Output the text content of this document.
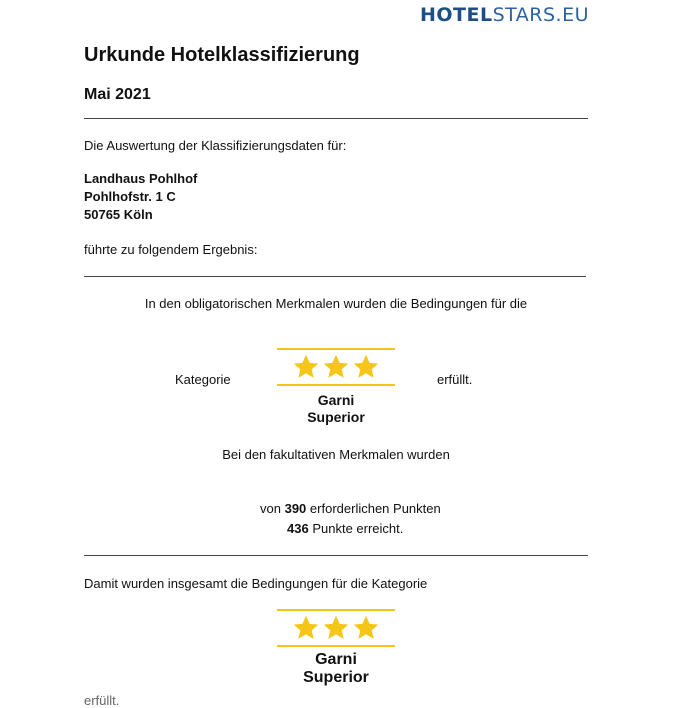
HOTELSTARS.EU
Urkunde Hotelklassifizierung
Mai 2021
Die Auswertung der Klassifizierungsdaten für:
Landhaus Pohlhof
Pohlhofstr. 1 C
50765 Köln
führte zu folgendem Ergebnis:
In den obligatorischen Merkmalen wurden die Bedingungen für die
Kategorie	erfüllt.
Garni
Superior
Bei den fakultativen Merkmalen wurden
von 390 erforderlichen Punkten
436 Punkte erreicht.
Damit wurden insgesamt die Bedingungen für die Kategorie
Garni
Superior
erfüllt.
